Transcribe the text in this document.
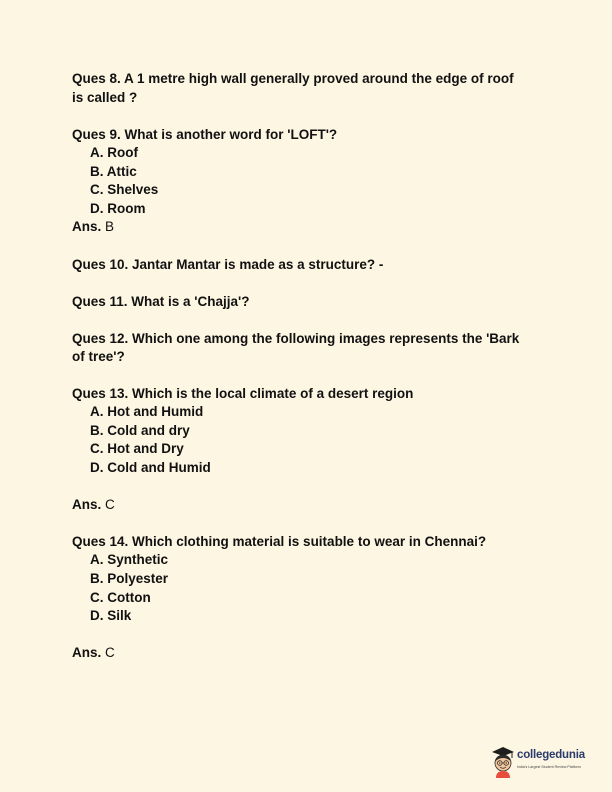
Ques 8. A 1 metre high wall generally proved around the edge of roof
is called ?
Ques 9. What is another word for 'LOFT'?
A. Roof
B. Attic
C. Shelves
D. Room
Ans. B
Ques 10. Jantar Mantar is made as a structure? -
Ques 11. What is a 'Chajja'?
Ques 12. Which one among the following images represents the 'Bark
of tree'?
Ques 13. Which is the local climate of a desert region
A. Hot and Humid
B. Cold and dry
C. Hot and Dry
D. Cold and Humid
Ans. C
Ques 14. Which clothing material is suitable to wear in Chennai?
A. Synthetic
B. Polyester
C. Cotton
D. Silk
Ans. C
collegedunia
India's Largest Student Review Platform
